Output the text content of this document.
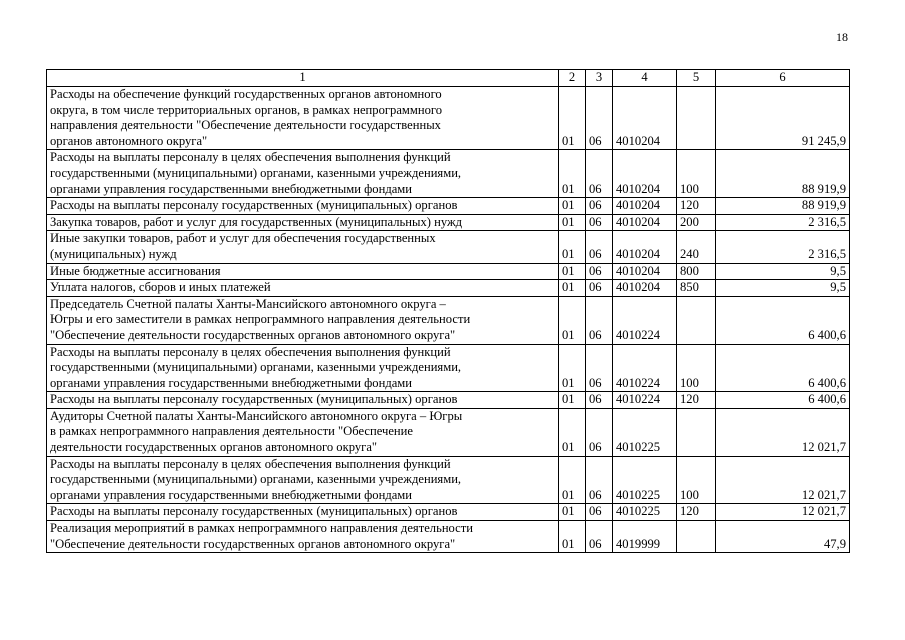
18
1	2	3	4	5	6
Расходы на обеспечение функций государственных органов автономного
округа, в том числе территориальных органов, в рамках непрограммного
направления деятельности "Обеспечение деятельности государственных
органов автономного округа"	01	06	4010204		91 245,9
Расходы на выплаты персоналу в целях обеспечения выполнения функций
государственными (муниципальными) органами, казенными учреждениями,
органами управления государственными внебюджетными фондами	01	06	4010204	100	88 919,9
Расходы на выплаты персоналу государственных (муниципальных) органов	01	06	4010204	120	88 919,9
Закупка товаров, работ и услуг для государственных (муниципальных) нужд	01	06	4010204	200	2 316,5
Иные закупки товаров, работ и услуг для обеспечения государственных
(муниципальных) нужд	01	06	4010204	240	2 316,5
Иные бюджетные ассигнования	01	06	4010204	800	9,5
Уплата налогов, сборов и иных платежей	01	06	4010204	850	9,5
Председатель Счетной палаты Ханты-Мансийского автономного округа –
Югры и его заместители в рамках непрограммного направления деятельности
"Обеспечение деятельности государственных органов автономного округа"	01	06	4010224		6 400,6
Расходы на выплаты персоналу в целях обеспечения выполнения функций
государственными (муниципальными) органами, казенными учреждениями,
органами управления государственными внебюджетными фондами	01	06	4010224	100	6 400,6
Расходы на выплаты персоналу государственных (муниципальных) органов	01	06	4010224	120	6 400,6
Аудиторы Счетной палаты Ханты-Мансийского автономного округа – Югры
в рамках непрограммного направления деятельности "Обеспечение
деятельности государственных органов автономного округа"	01	06	4010225		12 021,7
Расходы на выплаты персоналу в целях обеспечения выполнения функций
государственными (муниципальными) органами, казенными учреждениями,
органами управления государственными внебюджетными фондами	01	06	4010225	100	12 021,7
Расходы на выплаты персоналу государственных (муниципальных) органов	01	06	4010225	120	12 021,7
Реализация мероприятий в рамках непрограммного направления деятельности
"Обеспечение деятельности государственных органов автономного округа"	01	06	4019999		47,9
